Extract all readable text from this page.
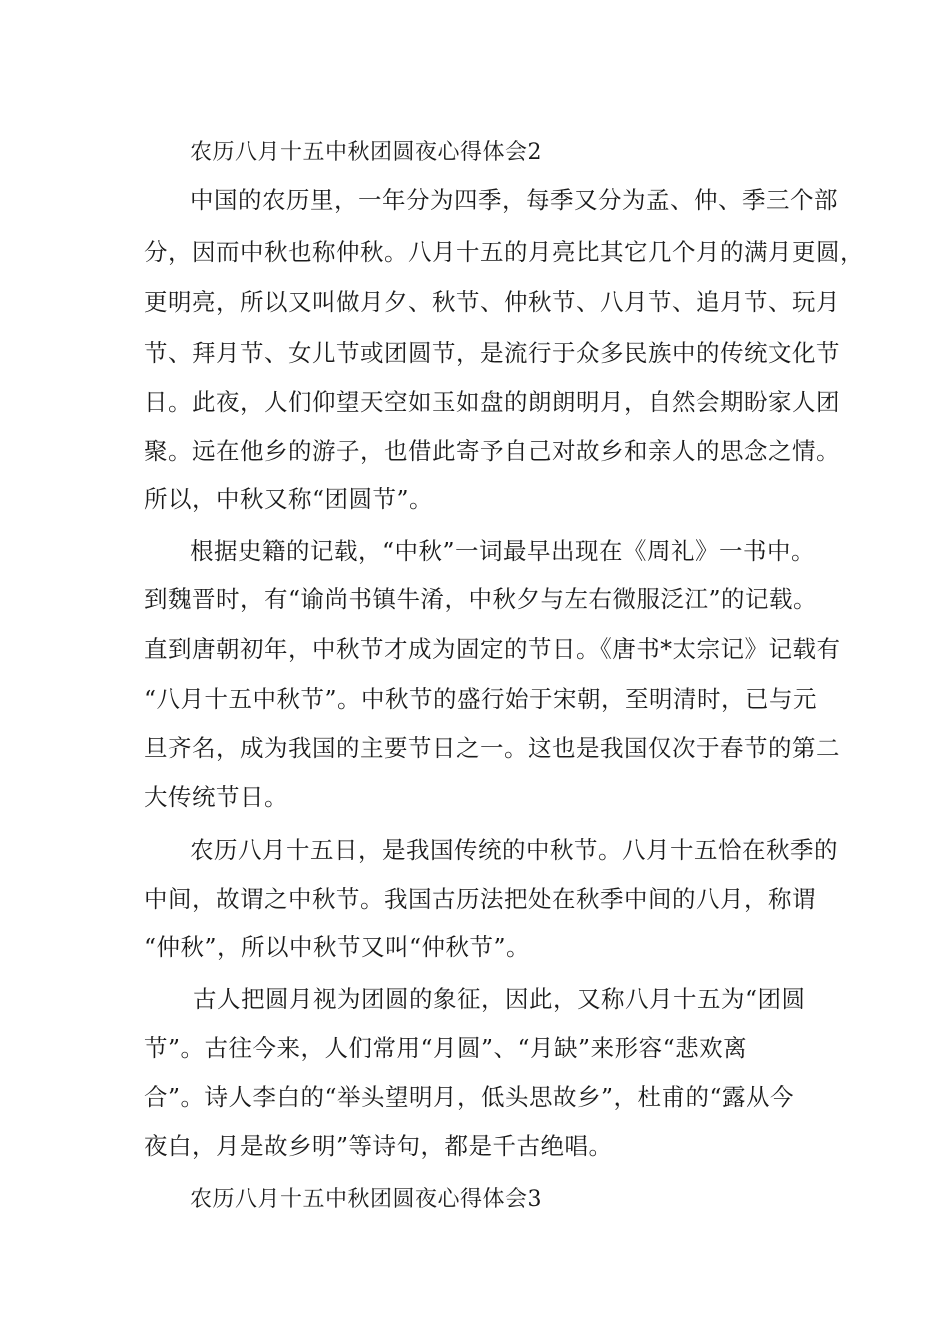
农历八月十五中秋团圆夜心得体会2
中国的农历里，一年分为四季，每季又分为孟、仲、季三个部
分，因而中秋也称仲秋。八月十五的月亮比其它几个月的满月更圆，
更明亮，所以又叫做月夕、秋节、仲秋节、八月节、追月节、玩月
节、拜月节、女儿节或团圆节，是流行于众多民族中的传统文化节
日。此夜，人们仰望天空如玉如盘的朗朗明月，自然会期盼家人团
聚。远在他乡的游子，也借此寄予自己对故乡和亲人的思念之情。
所以，中秋又称“团圆节”。
根据史籍的记载，“中秋”一词最早出现在《周礼》一书中。
到魏晋时，有“谕尚书镇牛淆，中秋夕与左右微服泛江”的记载。
直到唐朝初年，中秋节才成为固定的节日。《唐书*太宗记》记载有
“八月十五中秋节”。中秋节的盛行始于宋朝，至明清时，已与元
旦齐名，成为我国的主要节日之一。这也是我国仅次于春节的第二
大传统节日。
农历八月十五日，是我国传统的中秋节。八月十五恰在秋季的
中间，故谓之中秋节。我国古历法把处在秋季中间的八月，称谓
“仲秋”，所以中秋节又叫“仲秋节”。
古人把圆月视为团圆的象征，因此，又称八月十五为“团圆
节”。古往今来，人们常用“月圆”、“月缺”来形容“悲欢离
合”。诗人李白的“举头望明月，低头思故乡”，杜甫的“露从今
夜白，月是故乡明”等诗句，都是千古绝唱。
农历八月十五中秋团圆夜心得体会3
